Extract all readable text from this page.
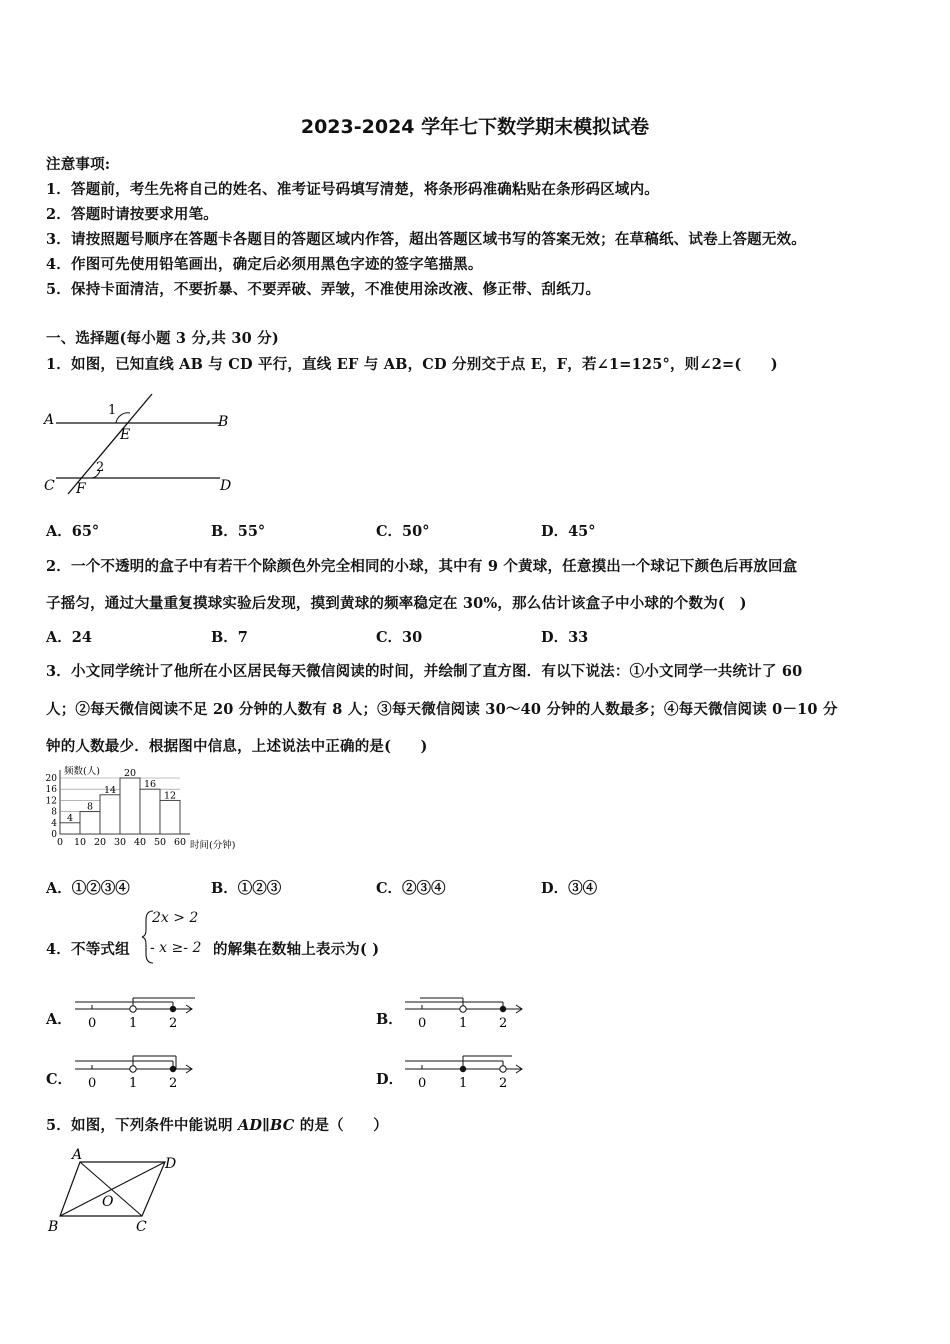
2023-2024 学年七下数学期末模拟试卷
注意事项:
1．答题前，考生先将自己的姓名、准考证号码填写清楚，将条形码准确粘贴在条形码区域内。
2．答题时请按要求用笔。
3．请按照题号顺序在答题卡各题目的答题区域内作答，超出答题区域书写的答案无效；在草稿纸、试卷上答题无效。
4．作图可先使用铅笔画出，确定后必须用黑色字迹的签字笔描黑。
5．保持卡面清洁，不要折暴、不要弄破、弄皱，不准使用涂改液、修正带、刮纸刀。
一、选择题(每小题 3 分,共 30 分)
1．如图，已知直线 AB 与 CD 平行，直线 EF 与 AB，CD 分别交于点 E，F，若∠1=125°，则∠2=(　　)
A	B
C	D
E
F
1
2
A．65°	B．55°	C．50°	D．45°
2．一个不透明的盒子中有若干个除颜色外完全相同的小球，其中有 9 个黄球，任意摸出一个球记下颜色后再放回盒
子摇匀，通过大量重复摸球实验后发现，摸到黄球的频率稳定在 30%，那么估计该盒子中小球的个数为(　)
A．24	B．7	C．30	D．33
3．小文同学统计了他所在小区居民每天微信阅读的时间，并绘制了直方图．有以下说法：①小文同学一共统计了 60
人；②每天微信阅读不足 20 分钟的人数有 8 人；③每天微信阅读 30～40 分钟的人数最多；④每天微信阅读 0－10 分
钟的人数最少．根据图中信息，上述说法中正确的是(　　)
0
4
8
12
16
20
4
8
14
20
16
12
0 10 20 30 40 50 60
频数(人)
时间(分钟)
A．①②③④	B．①②③	C．②③④	D．③④
4．不等式组
2x > 2
- x ≥- 2 的解集在数轴上表示为( )
A． 0	1 2	B． 0	1 2
C． 0	1 2	D． 0	1 2
5．如图，下列条件中能说明 AD∥BC 的是（　　）
A
D
B	C
O
